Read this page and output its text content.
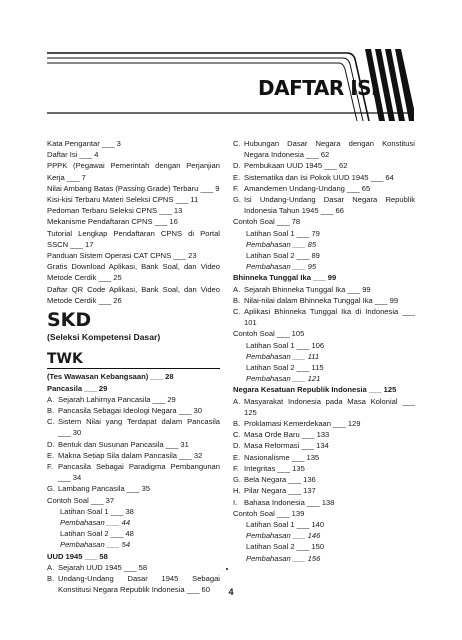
DAFTAR ISI
Kata Pengantar ___ 3
Daftar Isi ___ 4
PPPK (Pegawai Pemerintah dengan Perjanjian Kerja ___ 7
Nilai Ambang Batas (Passing Grade) Terbaru ___ 9
Kisi-kisi Terbaru Materi Seleksi CPNS ___ 11
Pedoman Terbaru Seleksi CPNS ___ 13
Mekanisme Pendaftaran CPNS ___ 16
Tutorial Lengkap Pendaftaran CPNS di Portal SSCN ___ 17
Panduan Sistem Operasi CAT CPNS ___ 23
Gratis Download Aplikasi, Bank Soal, dan Video Metode Cerdik ___ 25
Daftar QR Code Aplikasi, Bank Soal, dan Video Metode Cerdik ___ 26
SKD
(Seleksi Kompetensi Dasar)
TWK
(Tes Wawasan Kebangsaan) ___ 28
Pancasila ___ 29
A. Sejarah Lahirnya Pancasila ___ 29
B. Pancasila Sebagai Ideologi Negara ___ 30
C. Sistem Nilai yang Terdapat dalam Pancasila ___ 30
D. Bentuk dan Susunan Pancasila ___ 31
E. Makna Setiap Sila dalam Pancasila ___ 32
F. Pancasila Sebagai Paradigma Pembangunan ___ 34
G. Lambang Pancasila ___ 35
Contoh Soal ___ 37
Latihan Soal 1 ___ 38
Pembahasan ___ 44
Latihan Soal 2 ___ 48
Pembahasan ___ 54
UUD 1945 ___ 58
A. Sejarah UUD 1945 ___ 58
B. Undang-Undang Dasar 1945 Sebagai Konstitusi Negara Republik Indonesia ___ 60
C. Hubungan Dasar Negara dengan Konstitusi Negara Indonesia ___ 62
D. Pembukaan UUD 1945 ___ 62
E. Sistematika dan Isi Pokok UUD 1945 ___ 64
F. Amandemen Undang-Undang ___ 65
G. Isi Undang-Undang Dasar Negara Republik Indonesia Tahun 1945 ___ 66
Contoh Soal ___ 78
Latihan Soal 1 ___ 79
Pembahasan ___ 85
Latihan Soal 2 ___ 89
Pembahasan ___ 95
Bhinneka Tunggal Ika ___ 99
A. Sejarah Bhinneka Tunggal Ika ___ 99
B. Nilai-nilai dalam Bhinneka Tunggal Ika ___ 99
C. Aplikasi Bhinneka Tunggal Ika di Indonesia ___ 101
Contoh Soal ___ 105
Latihan Soal 1 ___ 106
Pembahasan ___ 111
Latihan Soal 2 ___ 115
Pembahasan ___ 121
Negara Kesatuan Republik Indonesia ___ 125
A. Masyarakat Indonesia pada Masa Kolonial ___ 125
B. Proklamasi Kemerdekaan ___ 129
C. Masa Orde Baru ___ 133
D. Masa Reformasi ___ 134
E. Nasionalisme ___ 135
F. Integritas ___ 135
G. Bela Negara ___ 136
H. Pilar Negara ___ 137
I. Bahasa Indonesia ___ 138
Contoh Soal ___ 139
Latihan Soal 1 ___ 140
Pembahasan ___ 146
Latihan Soal 2 ___ 150
Pembahasan ___ 156
4
